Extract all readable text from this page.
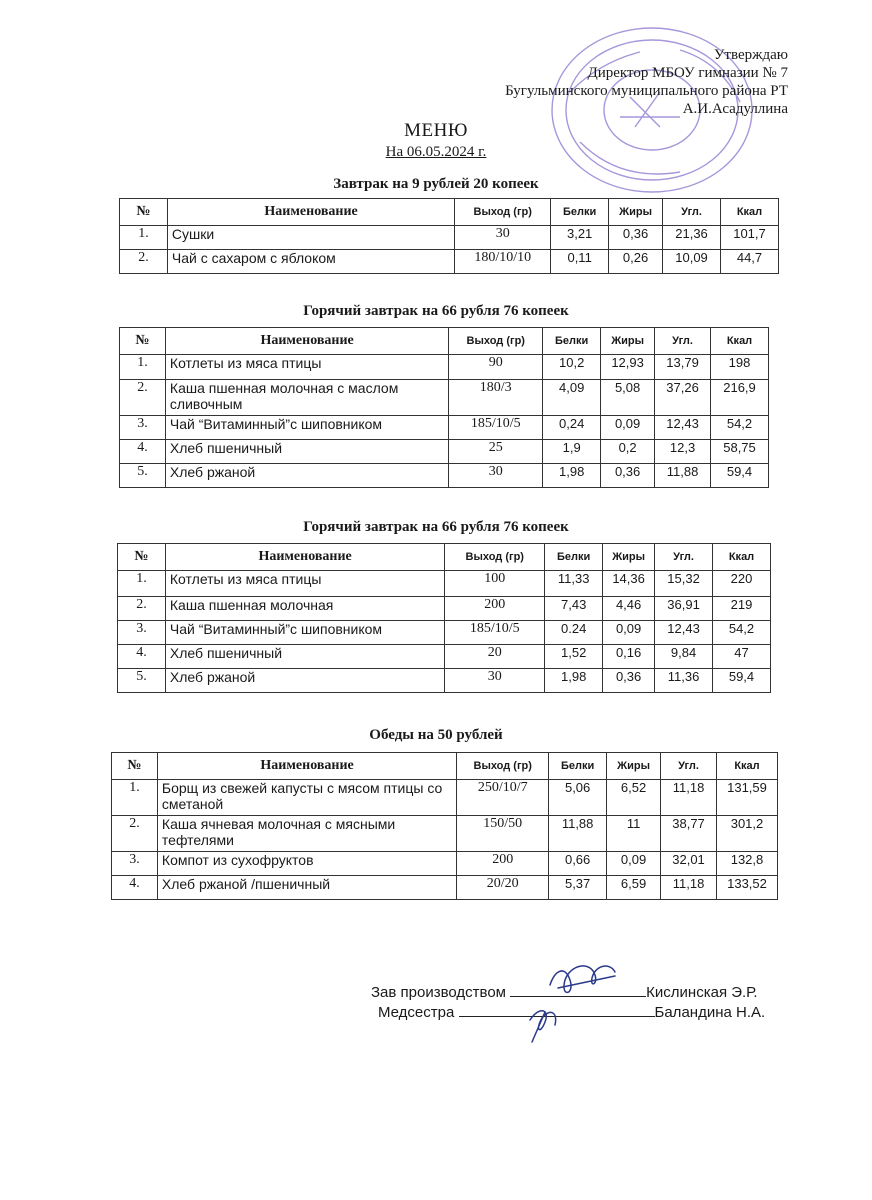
Утверждаю
Директор МБОУ гимназии № 7
Бугульминского муниципального района РТ
А.И.Асадуллина
МЕНЮ
На 06.05.2024 г.
Завтрак на 9 рублей 20 копеек
№	Наименование	Выход (гр)	Белки	Жиры	Угл.	Ккал
1.	Сушки	30	3,21	0,36	21,36	101,7
2.	Чай с сахаром с яблоком	180/10/10	0,11	0,26	10,09	44,7
Горячий завтрак на 66 рубля 76 копеек
№	Наименование	Выход (гр)	Белки	Жиры	Угл.	Ккал
1.	Котлеты из мяса птицы	90	10,2	12,93	13,79	198
2.	Каша пшенная молочная с маслом сливочным	180/3	4,09	5,08	37,26	216,9
3.	Чай “Витаминный”с шиповником	185/10/5	0,24	0,09	12,43	54,2
4.	Хлеб пшеничный	25	1,9	0,2	12,3	58,75
5.	Хлеб ржаной	30	1,98	0,36	11,88	59,4
Горячий завтрак на 66 рубля 76 копеек
№	Наименование	Выход (гр)	Белки	Жиры	Угл.	Ккал
1.	Котлеты из мяса птицы	100	11,33	14,36	15,32	220
2.	Каша пшенная молочная	200	7,43	4,46	36,91	219
3.	Чай “Витаминный”с шиповником	185/10/5	0.24	0,09	12,43	54,2
4.	Хлеб пшеничный	20	1,52	0,16	9,84	47
5.	Хлеб ржаной	30	1,98	0,36	11,36	59,4
Обеды на 50 рублей
№	Наименование	Выход (гр)	Белки	Жиры	Угл.	Ккал
1.	Борщ из свежей капусты с мясом птицы со сметаной	250/10/7	5,06	6,52	11,18	131,59
2.	Каша ячневая молочная с мясными тефтелями	150/50	11,88	11	38,77	301,2
3.	Компот из сухофруктов	200	0,66	0,09	32,01	132,8
4.	Хлеб ржаной /пшеничный	20/20	5,37	6,59	11,18	133,52
Зав производством	Кислинская Э.Р.
Медсестра	Баландина Н.А.
